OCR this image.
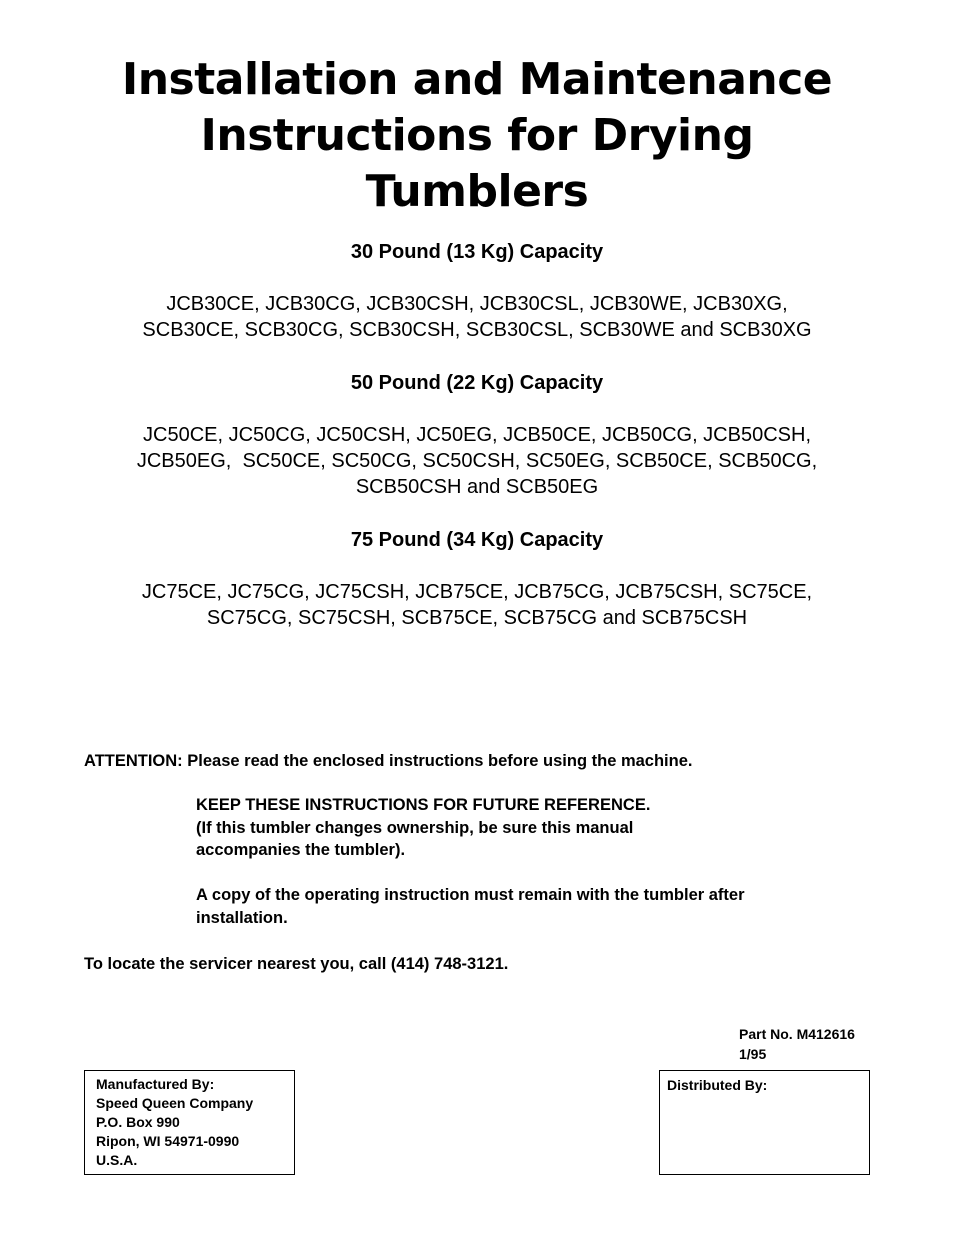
Installation and Maintenance
Instructions for Drying
Tumblers
30 Pound (13 Kg) Capacity
JCB30CE, JCB30CG, JCB30CSH, JCB30CSL, JCB30WE, JCB30XG,
SCB30CE, SCB30CG, SCB30CSH, SCB30CSL, SCB30WE and SCB30XG
50 Pound (22 Kg) Capacity
JC50CE, JC50CG, JC50CSH, JC50EG, JCB50CE, JCB50CG, JCB50CSH,
JCB50EG,  SC50CE, SC50CG, SC50CSH, SC50EG, SCB50CE, SCB50CG,
SCB50CSH and SCB50EG
75 Pound (34 Kg) Capacity
JC75CE, JC75CG, JC75CSH, JCB75CE, JCB75CG, JCB75CSH, SC75CE,
SC75CG, SC75CSH, SCB75CE, SCB75CG and SCB75CSH

ATTENTION: Please read the enclosed instructions before using the machine.

KEEP THESE INSTRUCTIONS FOR FUTURE REFERENCE.
(If this tumbler changes ownership, be sure this manual
accompanies the tumbler).
A copy of the operating instruction must remain with the tumbler after
installation.

To locate the servicer nearest you, call (414) 748-3121.

Part No. M412616
1/95
Manufactured By:
Speed Queen Company
P.O. Box 990
Ripon, WI 54971-0990
U.S.A.
Distributed By:
